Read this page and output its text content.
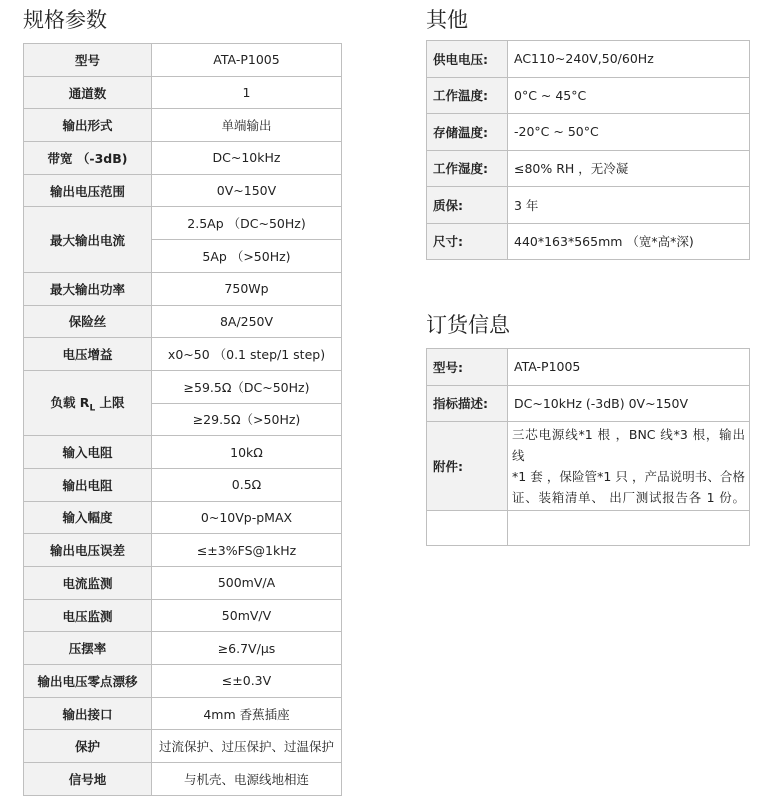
规格参数	其他
订货信息
型号	ATA-P1005
通道数	1
输出形式	单端输出
带宽 （-3dB)	DC~10kHz
输出电压范围	0V~150V
最大输出电流	2.5Ap （DC~50Hz)
	5Ap （>50Hz)
最大输出功率	750Wp
保险丝	8A/250V
电压增益	x0~50 （0.1 step/1 step)
负载 $R_L$ 上限	≥59.5Ω（DC~50Hz)
	≥29.5Ω（>50Hz)
输入电阻	10kΩ
输出电阻	0.5Ω
输入幅度	0~10Vp-pMAX
输出电压误差	≤±3%FS@1kHz
电流监测	500mV/A
电压监测	50mV/V
压摆率	≥6.7V/μs
输出电压零点漂移	≤±0.3V
输出接口	4mm 香蕉插座
保护	过流保护、过压保护、过温保护
信号地	与机壳、电源线地相连
供电电压:	AC110~240V,50/60Hz
工作温度:	0°C ~ 45°C
存储温度:	-20°C ~ 50°C
工作湿度:	≤80% RH ，无冷凝
质保:	3 年
尺寸:	440*163*565mm （宽*高*深)
型号:	ATA-P1005
指标描述:	DC~10kHz (-3dB) 0V~150V
附件:	三芯电源线*1 根 ，BNC 线*3 根，输出线
*1 套 ，保险管*1 只 ，产品说明书、合格
证、装箱清单、 出厂测试报告各 1 份。
